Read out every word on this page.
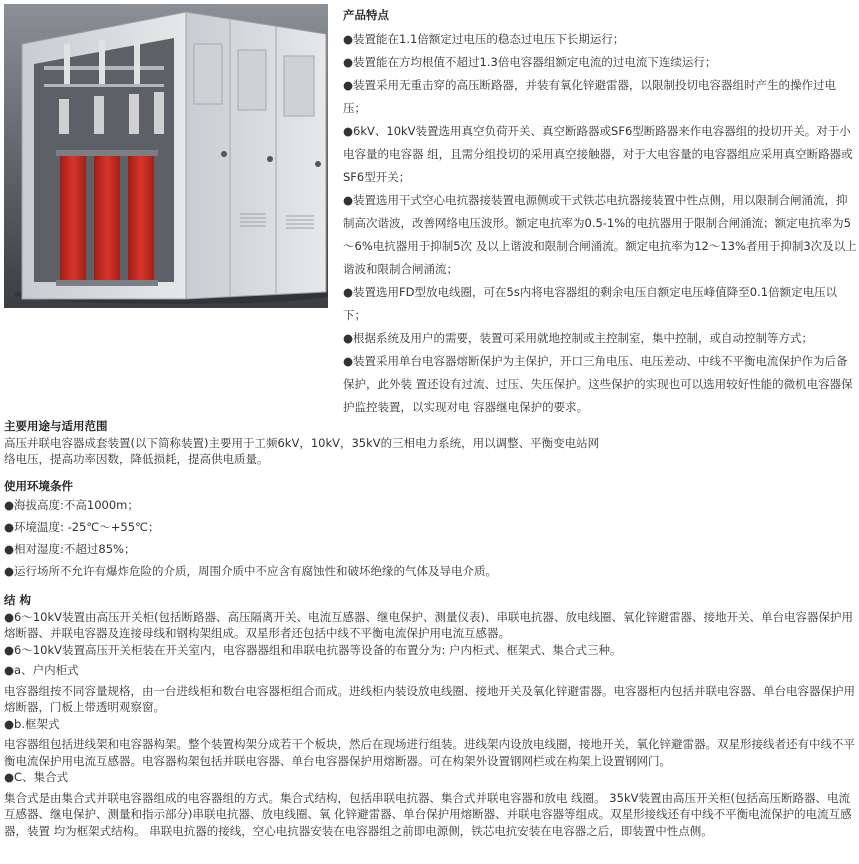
产品特点

●装置能在1.1倍额定过电压的稳态过电压下长期运行；

●装置能在方均根值不超过1.3倍电容器组额定电流的过电流下连续运行；

●装置采用无重击穿的高压断路器，并装有氧化锌避雷器，以限制投切电容器组时产生的操作过电压；

●6kV、10kV装置选用真空负荷开关、真空断路器或SF6型断路器来作电容器组的投切开关。对于小电容量的电容器 组，且需分组投切的采用真空接触器，对于大电容量的电容器组应采用真空断路器或SF6型开关；

●装置选用干式空心电抗器接装置电源侧或干式铁芯电抗器接装置中性点侧，用以限制合闸涌流，抑制高次谐波，改善网络电压波形。额定电抗率为0.5-1%的电抗器用于限制合闸涌流；额定电抗率为5～6%电抗器用于抑制5次 及以上谐波和限制合闸涌流。额定电抗率为12～13%者用于抑制3次及以上谐波和限制合闸涌流；

●装置选用FD型放电线圈，可在5s内将电容器组的剩余电压自额定电压峰值降至0.1倍额定电压以下；

●根据系统及用户的需要，装置可采用就地控制或主控制室，集中控制，或自动控制等方式；

●装置采用单台电容器熔断保护为主保护，开口三角电压、电压差动、中线不平衡电流保护作为后备保护，此外装 置还设有过流、过压、失压保护。这些保护的实现也可以选用较好性能的微机电容器保护监控装置，以实现对电 容器继电保护的要求。

主要用途与适用范围

高压并联电容器成套装置(以下简称装置)主要用于工频6kV，10kV，35kV的三相电力系统，用以调整、平衡变电站网

络电压，提高功率因数，降低损耗，提高供电质量。

使用环境条件

●海拔高度:不高1000m；

●环境温度: -25℃～+55℃；

●相对湿度:不超过85%；

●运行场所不允许有爆炸危险的介质，周围介质中不应含有腐蚀性和破坏绝缘的气体及导电介质。

结 构

●6～10kV装置由高压开关柜(包括断路器、高压隔离开关、电流互感器、继电保护、测量仪表)、串联电抗器、放电线圈、氧化锌避雷器、接地开关、单台电容器保护用熔断器、并联电容器及连接母线和钢构架组成。双星形者还包括中线不平衡电流保护用电流互感器。

●6～10kV装置高压开关柜装在开关室内，电容器器组和串联电抗器等设备的布置分为: 户内柜式、框架式、集合式三种。

●a、户内柜式

电容器组按不同容量规格，由一台进线柜和数台电容器柜组合而成。进线柜内装设放电线圈、接地开关及氧化锌避雷器。电容器柜内包括并联电容器、单台电容器保护用熔断器，门板上带透明观察窗。

●b.框架式

电容器组包括进线架和电容器构架。整个装置构架分成若干个板块，然后在现场进行组装。进线架内设放电线圈，接地开关，氧化锌避雷器。双星形接线者还有中线不平衡电流保护用电流互感器。电容器构架包括并联电容器、单台电容器保护用熔断器。可在构架外设置钢网栏或在构架上设置钢网门。

●C、集合式

集合式是由集合式并联电容器组成的电容器组的方式。集合式结构，包括串联电抗器、集合式并联电容器和放电 线圈。 35kV装置由高压开关柜(包括高压断路器、电流互感器、继电保护、测量和指示部分)串联电抗器、放电线圈、氧 化锌避雷器、单台保护用熔断器、并联电容器等组成。双星形接线还有中线不平衡电流保护的电流互感器，装置 均为框架式结构。 串联电抗器的接线，空心电抗器安装在电容器组之前即电源侧，铁芯电抗安装在电容器之后，即装置中性点侧。
